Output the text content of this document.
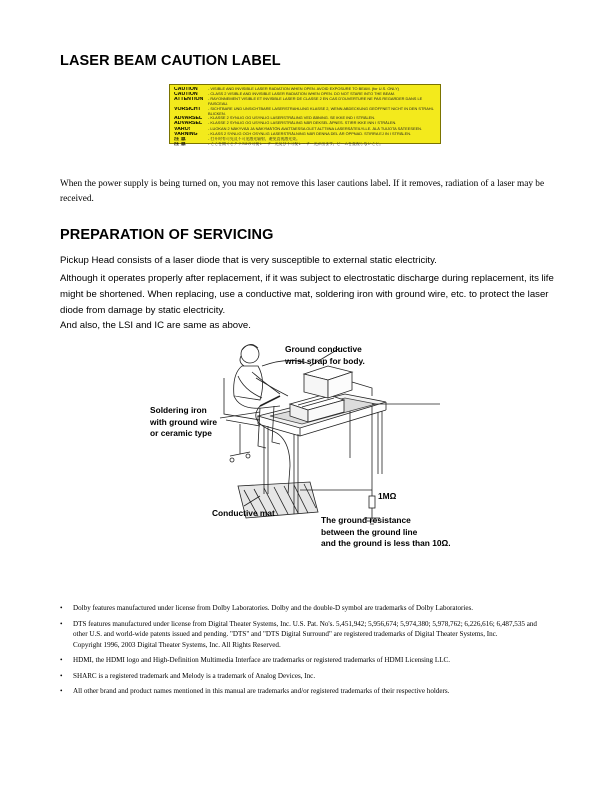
LASER BEAM CAUTION LABEL
CAUTION	- VISIBLE AND INVISIBLE LASER RADIATION WHEN OPEN. AVOID EXPOSURE TO BEAM. (for U.S. ONLY)
CAUTION	- CLASS 2 VISIBLE AND INVISIBLE LASER RADIATION WHEN OPEN. DO NOT STARE INTO THE BEAM.
ATTENTION	- RAYONNEMENT VISIBLE ET INVISIBLE LASER DE CLASSE 2 EN CAS D'OUVERTURE NE PAS REGARDER DANS LE FAISCEAU.
VORSICHT	- SICHTBARE UND UNSICHTBARE LASERSTRAHLUNG KLASSE 2, WENN ABDECKUNG GEÖFFNET NICHT IN DEN STRAHL BLICKEN.
ADVARSEL	- KLASSE 2 SYNLIG OG USYNLIG LASERSTRÅLING VED ÅBNING. SE IKKE IND I STRÅLEN.
ADVARSEL	- KLASSE 2 SYNLIG OG USYNLIG LASERSTRÅLING NÅR DEKSEL ÅPNES. STIRR IKKE INN I STRÅLEN.
VARO!	- LUOKAN 2 NÄKYVÄÄ JA NÄKYMÄTÖN AVATTAESSA OLET ALTTIINA LASERSÄTEILYLLE. ÄLÄ TUIJOTA SÄTEESEEN.
VARNING	- KLASS 2 SYNLIG OCH OSYNLIG LASERSTRÅLNING NÄR DENNA DEL ÄR ÖPPNAD. STIRRA EJ IN I STRÅLEN.
注 意	- 打开时有可见及不可见激光辐射，避免直视激光束。
注 意	- ここを開くとクラス2の可視レーザー光及び不可視レーザー光が出ます。ビームを直視しないこと。

When the power supply is being turned on, you may not remove this laser cautions label. If it removes, radiation of a laser may be received.

PREPARATION OF SERVICING

Pickup Head consists of a laser diode that is very susceptible to external static electricity.

Although it operates properly after replacement, if it was subject to electrostatic discharge during replacement, its life might be shortened. When replacing, use a conductive mat, soldering iron with ground wire, etc. to protect the laser diode from damage by static electricity.

And also, the LSI and IC are same as above.

Ground conductive
wrist strap for body.

Soldering iron
with ground wire
or ceramic type

Conductive mat

1MΩ

The ground resistance
between the ground line
and the ground is less than 10Ω.

• Dolby features manufactured under license from Dolby Laboratories. Dolby and the double-D symbol are trademarks of Dolby Laboratories.
• DTS features manufactured under license from Digital Theater Systems, Inc. U.S. Pat. No's. 5,451,942; 5,956,674; 5,974,380; 5,978,762; 6,226,616; 6,487,535 and other U.S. and world-wide patents issued and pending. "DTS" and "DTS Digital Surround" are registered trademarks of Digital Theater Systems, Inc.
Copyright 1996, 2003 Digital Theater Systems, Inc. All Rights Reserved.
• HDMI, the HDMI logo and High-Definition Multimedia Interface are trademarks or registered trademarks of HDMI Licensing LLC.
• SHARC is a registered trademark and Melody is a trademark of Analog Devices, Inc.
• All other brand and product names mentioned in this manual are trademarks and/or registered trademarks of their respective holders.
